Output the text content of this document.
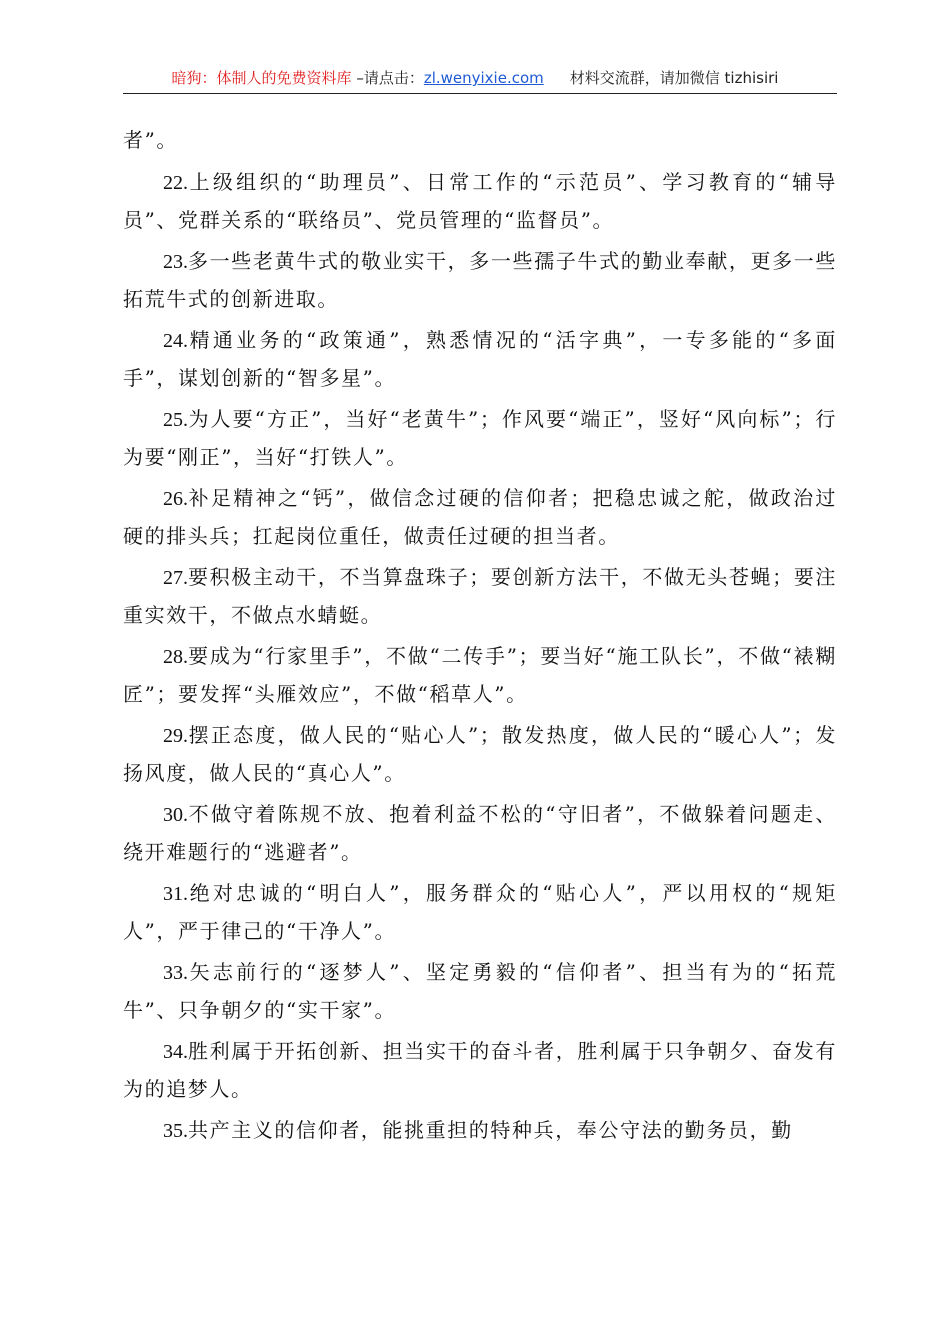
暗狗：体制人的免费资料库 –请点击：zl.wenyixie.com 材料交流群，请加微信 tizhisiri

者”。

22.上级组织的“助理员”、日常工作的“示范员”、学习教育的“辅导员”、党群关系的“联络员”、党员管理的“监督员”。

23.多一些老黄牛式的敬业实干，多一些孺子牛式的勤业奉献，更多一些拓荒牛式的创新进取。

24.精通业务的“政策通”，熟悉情况的“活字典”，一专多能的“多面手”，谋划创新的“智多星”。

25.为人要“方正”，当好“老黄牛”；作风要“端正”，竖好“风向标”；行为要“刚正”，当好“打铁人”。

26.补足精神之“钙”，做信念过硬的信仰者；把稳忠诚之舵，做政治过硬的排头兵；扛起岗位重任，做责任过硬的担当者。

27.要积极主动干，不当算盘珠子；要创新方法干，不做无头苍蝇；要注重实效干，不做点水蜻蜓。

28.要成为“行家里手”，不做“二传手”；要当好“施工队长”，不做“裱糊匠”；要发挥“头雁效应”，不做“稻草人”。

29.摆正态度，做人民的“贴心人”；散发热度，做人民的“暖心人”；发扬风度，做人民的“真心人”。

30.不做守着陈规不放、抱着利益不松的“守旧者”，不做躲着问题走、绕开难题行的“逃避者”。

31.绝对忠诚的“明白人”，服务群众的“贴心人”，严以用权的“规矩人”，严于律己的“干净人”。

33.矢志前行的“逐梦人”、坚定勇毅的“信仰者”、担当有为的“拓荒牛”、只争朝夕的“实干家”。

34.胜利属于开拓创新、担当实干的奋斗者，胜利属于只争朝夕、奋发有为的追梦人。

35.共产主义的信仰者，能挑重担的特种兵，奉公守法的勤务员，勤
